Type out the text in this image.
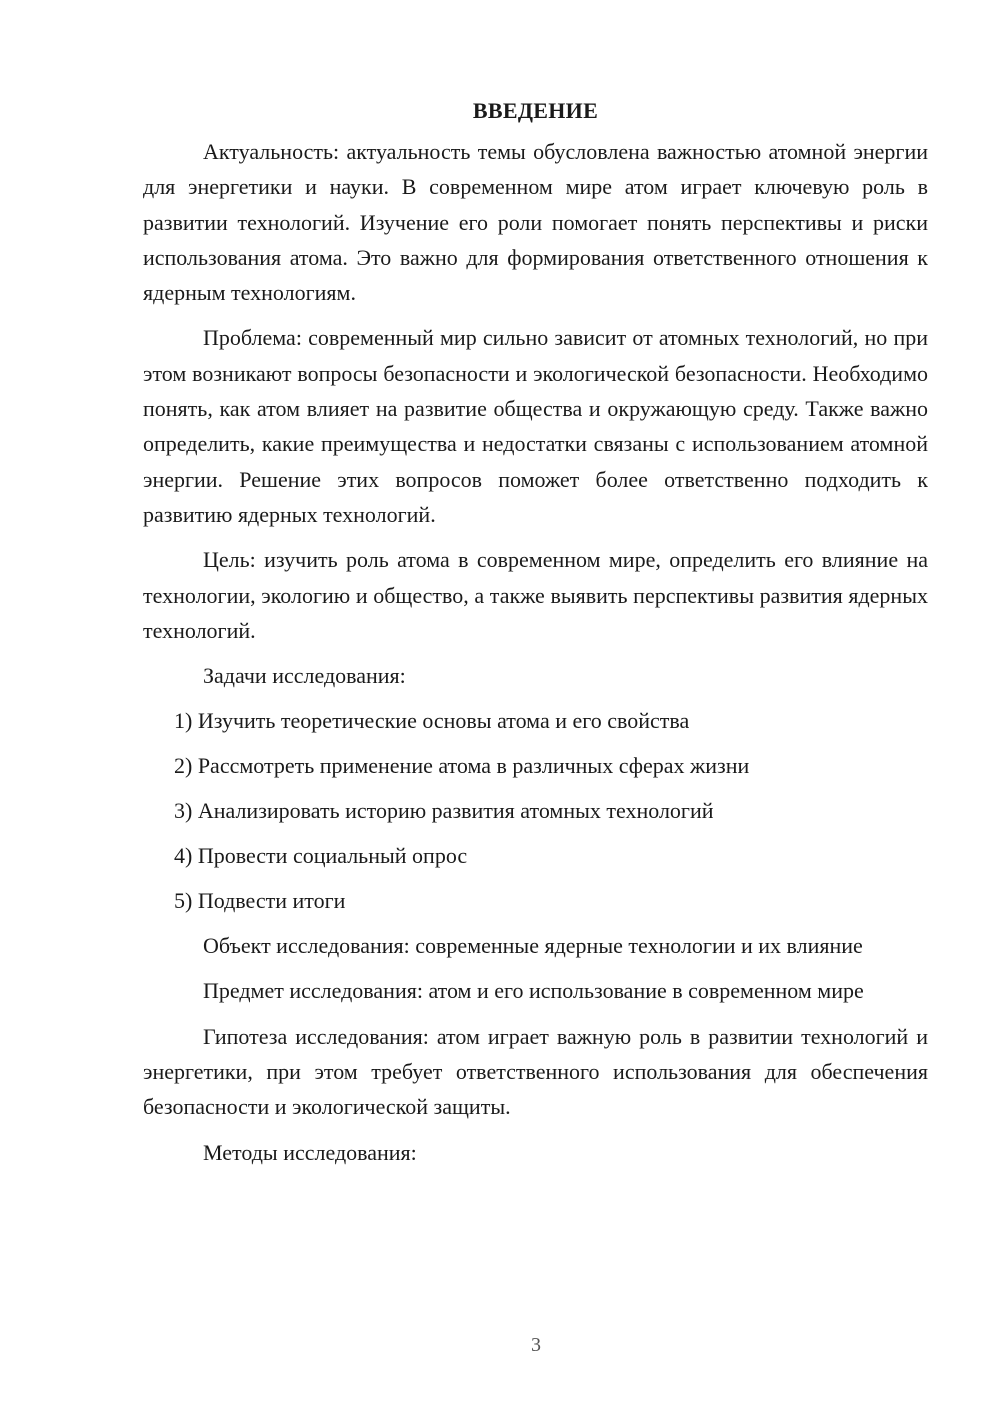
ВВЕДЕНИЕ

Актуальность: актуальность темы обусловлена важностью атомной энергии для энергетики и науки. В современном мире атом играет ключевую роль в развитии технологий. Изучение его роли помогает понять перспективы и риски использования атома. Это важно для формирования ответственного отношения к ядерным технологиям.

Проблема: современный мир сильно зависит от атомных технологий, но при этом возникают вопросы безопасности и экологической безопасности. Необходимо понять, как атом влияет на развитие общества и окружающую среду. Также важно определить, какие преимущества и недостатки связаны с использованием атомной энергии. Решение этих вопросов поможет более ответственно подходить к развитию ядерных технологий.

Цель: изучить роль атома в современном мире, определить его влияние на технологии, экологию и общество, а также выявить перспективы развития ядерных технологий.

Задачи исследования:

1) Изучить теоретические основы атома и его свойства
2) Рассмотреть применение атома в различных сферах жизни
3) Анализировать историю развития атомных технологий
4) Провести социальный опрос
5) Подвести итоги

Объект исследования: современные ядерные технологии и их влияние

Предмет исследования: атом и его использование в современном мире

Гипотеза исследования: атом играет важную роль в развитии технологий и энергетики, при этом требует ответственного использования для обеспечения безопасности и экологической защиты.

Методы исследования:

3
